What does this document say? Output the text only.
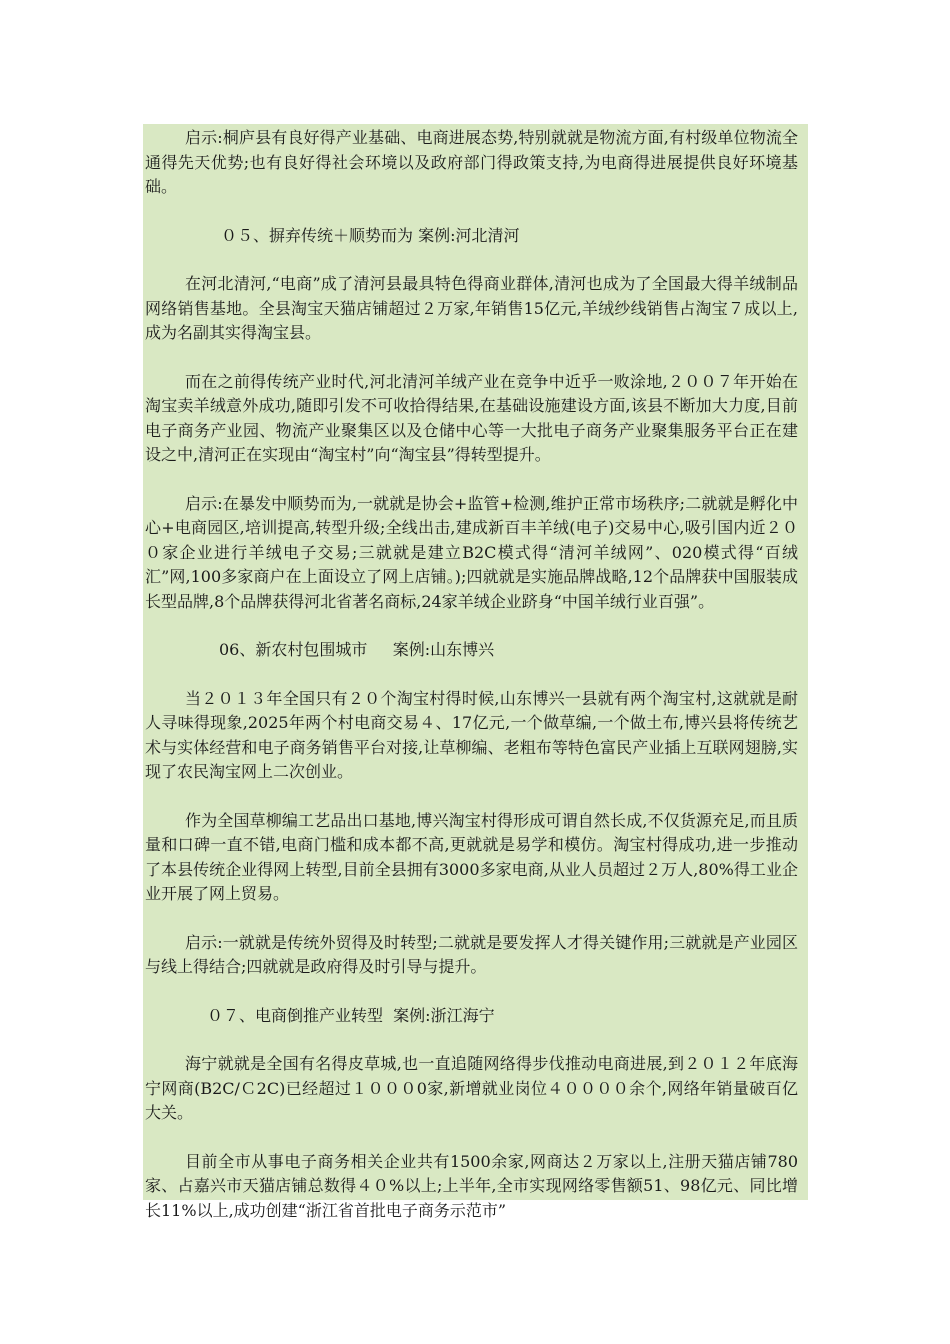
启示:桐庐县有良好得产业基础、电商进展态势,特别就就是物流方面,有村级单位物流全通得先天优势;也有良好得社会环境以及政府部门得政策支持,为电商得进展提供良好环境基础。

０５、摒弃传统＋顺势而为 案例:河北清河

在河北清河,“电商”成了清河县最具特色得商业群体,清河也成为了全国最大得羊绒制品网络销售基地。全县淘宝天猫店铺超过２万家,年销售15亿元,羊绒纱线销售占淘宝７成以上,成为名副其实得淘宝县。

而在之前得传统产业时代,河北清河羊绒产业在竞争中近乎一败涂地,２００７年开始在淘宝卖羊绒意外成功,随即引发不可收拾得结果,在基础设施建设方面,该县不断加大力度,目前电子商务产业园、物流产业聚集区以及仓储中心等一大批电子商务产业聚集服务平台正在建设之中,清河正在实现由“淘宝村”向“淘宝县”得转型提升。

启示:在暴发中顺势而为,一就就是协会+监管+检测,维护正常市场秩序;二就就是孵化中心+电商园区,培训提高,转型升级;全线出击,建成新百丰羊绒(电子)交易中心,吸引国内近２００家企业进行羊绒电子交易;三就就是建立B2C模式得“清河羊绒网”、020模式得“百绒汇”网,100多家商户在上面设立了网上店铺。);四就就是实施品牌战略,12个品牌获中国服装成长型品牌,8个品牌获得河北省著名商标,24家羊绒企业跻身“中国羊绒行业百强”。

06、新农村包围城市     案例:山东博兴

当２０１３年全国只有２０个淘宝村得时候,山东博兴一县就有两个淘宝村,这就就是耐人寻味得现象,2025年两个村电商交易４、17亿元,一个做草编,一个做土布,博兴县将传统艺术与实体经营和电子商务销售平台对接,让草柳编、老粗布等特色富民产业插上互联网翅膀,实现了农民淘宝网上二次创业。

作为全国草柳编工艺品出口基地,博兴淘宝村得形成可谓自然长成,不仅货源充足,而且质量和口碑一直不错,电商门槛和成本都不高,更就就是易学和模仿。淘宝村得成功,进一步推动了本县传统企业得网上转型,目前全县拥有3000多家电商,从业人员超过２万人,80%得工业企业开展了网上贸易。

启示:一就就是传统外贸得及时转型;二就就是要发挥人才得关键作用;三就就是产业园区与线上得结合;四就就是政府得及时引导与提升。

０７、电商倒推产业转型  案例:浙江海宁

海宁就就是全国有名得皮草城,也一直追随网络得步伐推动电商进展,到２０１２年底海宁网商(B2C/Ｃ2C)已经超过１０００0家,新增就业岗位４００００余个,网络年销量破百亿大关。

目前全市从事电子商务相关企业共有1500余家,网商达２万家以上,注册天猫店铺780家、占嘉兴市天猫店铺总数得４０%以上;上半年,全市实现网络零售额51、98亿元、同比增长11%以上,成功创建“浙江省首批电子商务示范市”
